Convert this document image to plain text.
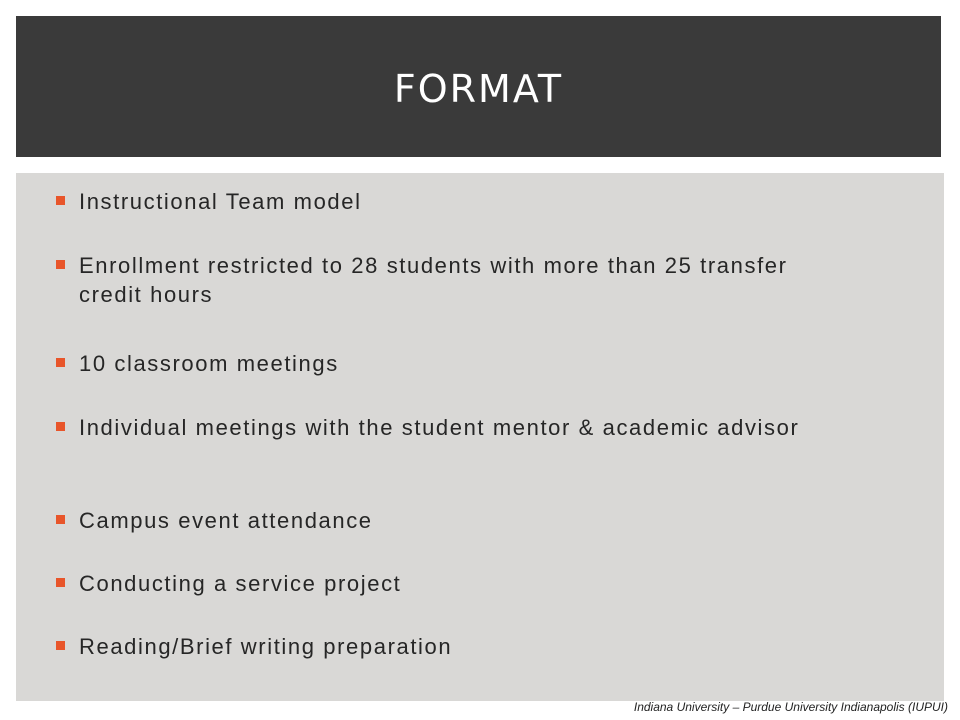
FORMAT
Instructional Team model
Enrollment restricted to 28 students with more than 25 transfer credit hours
10 classroom meetings
Individual meetings with the student mentor & academic advisor
Campus event attendance
Conducting a service project
Reading/Brief writing preparation
Indiana University – Purdue University Indianapolis (IUPUI)
